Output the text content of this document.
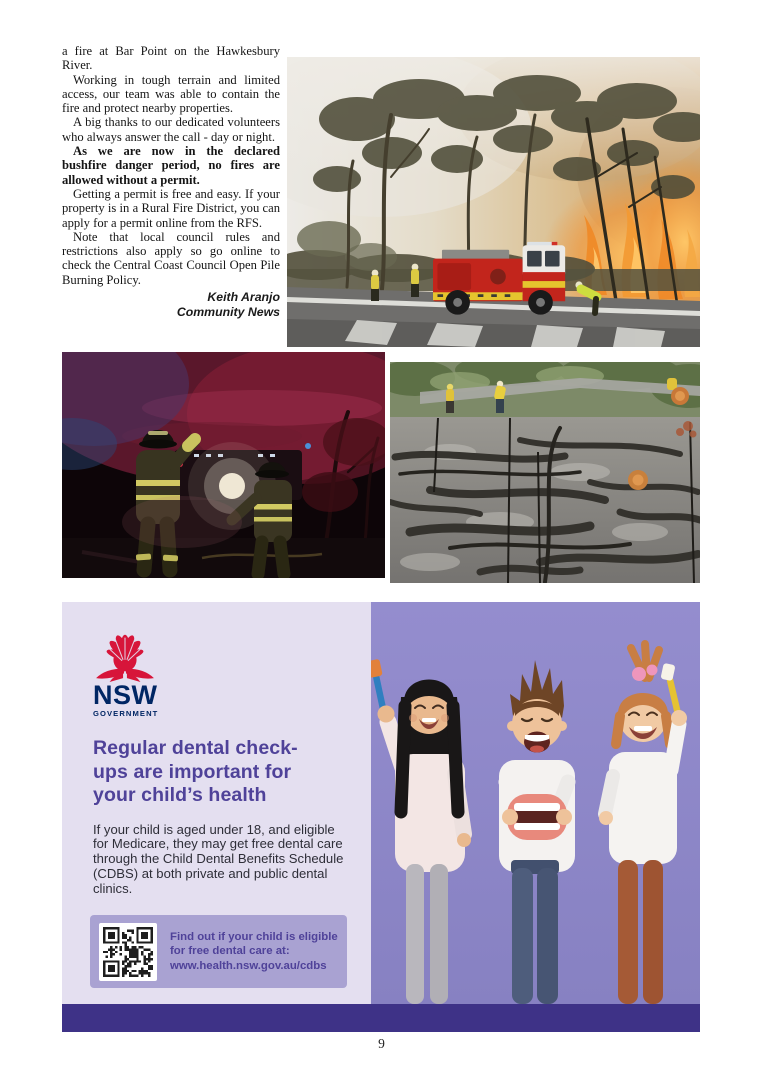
a fire at Bar Point on the Hawkesbury River.

Working in tough terrain and limited access, our team was able to contain the fire and protect nearby properties.

A big thanks to our dedicated volunteers who always answer the call - day or night.

As we are now in the declared bushfire danger period, no fires are allowed without a permit.

Getting a permit is free and easy. If your property is in a Rural Fire District, you can apply for a permit online from the RFS.

Note that local council rules and restrictions also apply so go online to check the Central Coast Council Open Pile Burning Policy.

Keith Aranjo
Community News
NSW
GOVERNMENT
Regular dental check-ups are important for your child’s health
If your child is aged under 18, and eligible for Medicare, they may get free dental care through the Child Dental Benefits Schedule (CDBS) at both private and public dental clinics.
Find out if your child is eligible for free dental care at:
www.health.nsw.gov.au/cdbs
9
